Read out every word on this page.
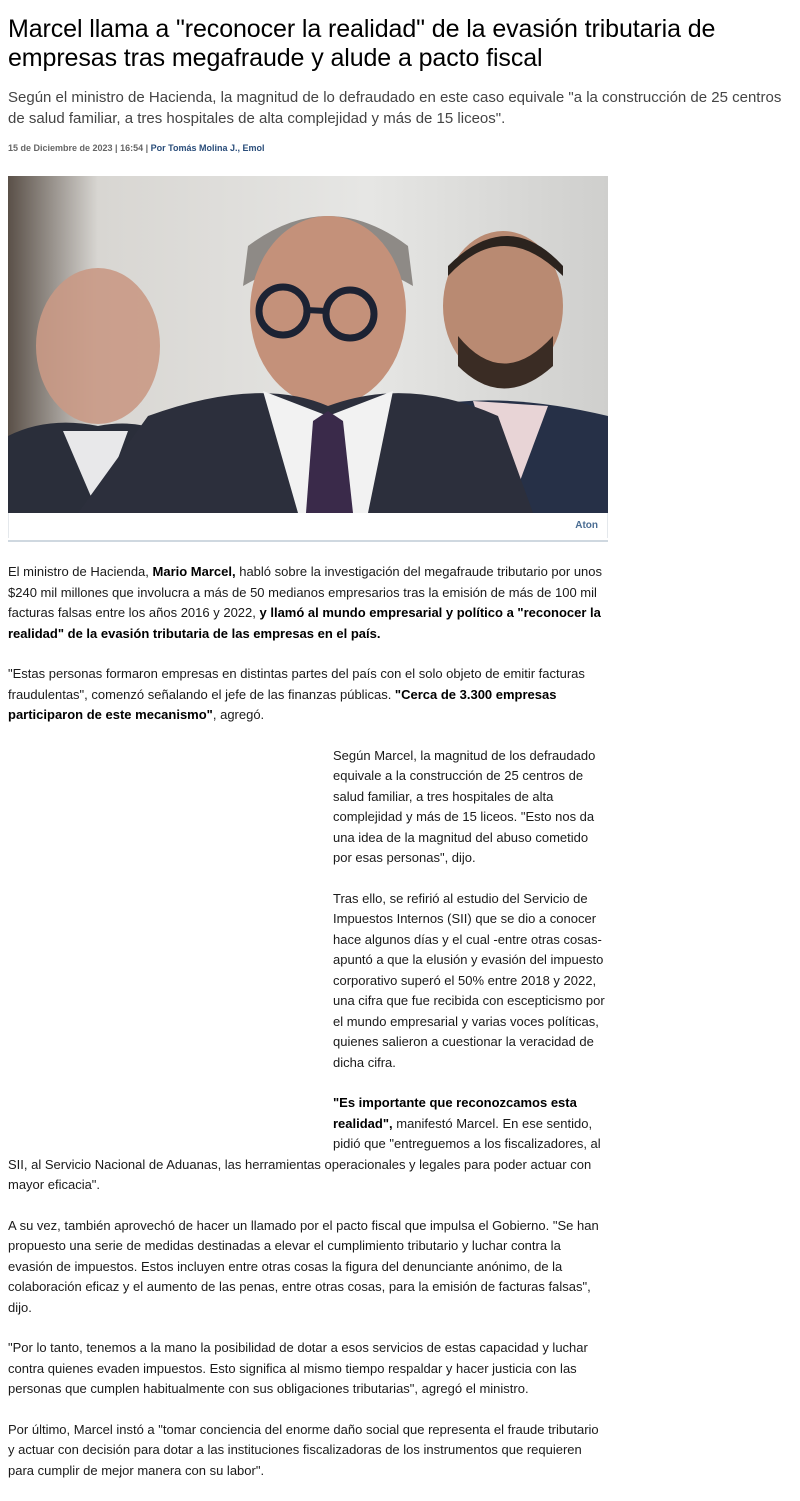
Marcel llama a "reconocer la realidad" de la evasión tributaria de empresas tras megafraude y alude a pacto fiscal

Según el ministro de Hacienda, la magnitud de lo defraudado en este caso equivale "a la construcción de 25 centros de salud familiar, a tres hospitales de alta complejidad y más de 15 liceos".

15 de Diciembre de 2023 | 16:54 | Por Tomás Molina J., Emol
Aton

El ministro de Hacienda, Mario Marcel, habló sobre la investigación del megafraude tributario por unos $240 mil millones que involucra a más de 50 medianos empresarios tras la emisión de más de 100 mil facturas falsas entre los años 2016 y 2022, y llamó al mundo empresarial y político a "reconocer la realidad" de la evasión tributaria de las empresas en el país.

"Estas personas formaron empresas en distintas partes del país con el solo objeto de emitir facturas fraudulentas", comenzó señalando el jefe de las finanzas públicas. "Cerca de 3.300 empresas participaron de este mecanismo", agregó.

Según Marcel, la magnitud de los defraudado equivale a la construcción de 25 centros de salud familiar, a tres hospitales de alta complejidad y más de 15 liceos. "Esto nos da una idea de la magnitud del abuso cometido por esas personas", dijo.

Tras ello, se refirió al estudio del Servicio de Impuestos Internos (SII) que se dio a conocer hace algunos días y el cual -entre otras cosas- apuntó a que la elusión y evasión del impuesto corporativo superó el 50% entre 2018 y 2022, una cifra que fue recibida con escepticismo por el mundo empresarial y varias voces políticas, quienes salieron a cuestionar la veracidad de dicha cifra.

"Es importante que reconozcamos esta realidad", manifestó Marcel. En ese sentido, pidió que "entreguemos a los fiscalizadores, al SII, al Servicio Nacional de Aduanas, las herramientas operacionales y legales para poder actuar con mayor eficacia".

A su vez, también aprovechó de hacer un llamado por el pacto fiscal que impulsa el Gobierno. "Se han propuesto una serie de medidas destinadas a elevar el cumplimiento tributario y luchar contra la evasión de impuestos. Estos incluyen entre otras cosas la figura del denunciante anónimo, de la colaboración eficaz y el aumento de las penas, entre otras cosas, para la emisión de facturas falsas", dijo.

"Por lo tanto, tenemos a la mano la posibilidad de dotar a esos servicios de estas capacidad y luchar contra quienes evaden impuestos. Esto significa al mismo tiempo respaldar y hacer justicia con las personas que cumplen habitualmente con sus obligaciones tributarias", agregó el ministro.

Por último, Marcel instó a "tomar conciencia del enorme daño social que representa el fraude tributario y actuar con decisión para dotar a las instituciones fiscalizadoras de los instrumentos que requieren para cumplir de mejor manera con su labor".
